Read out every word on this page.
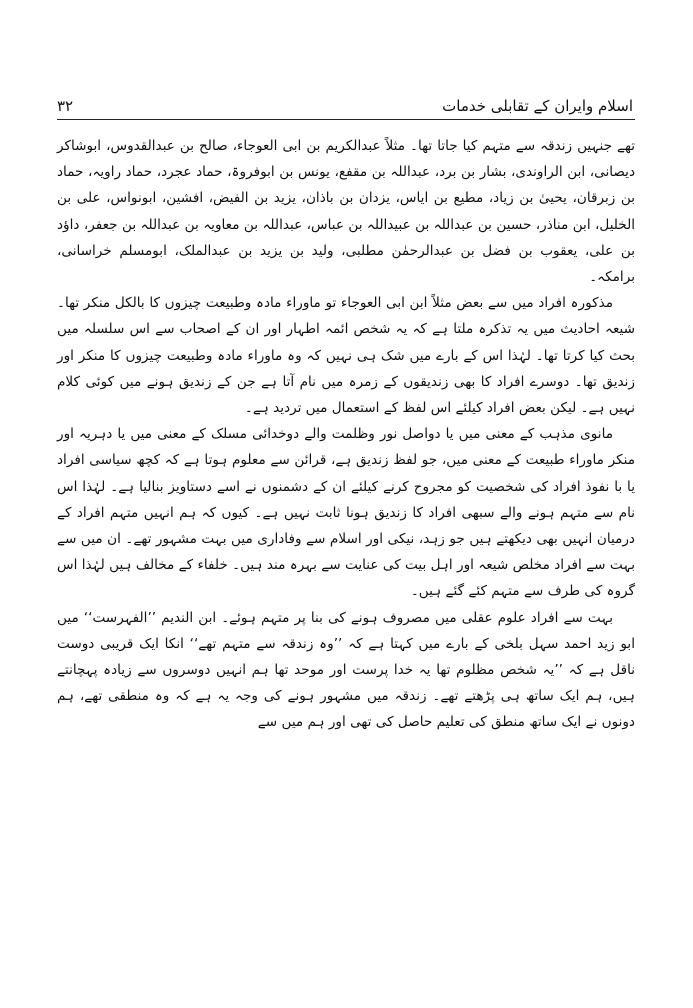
اسلام وایران کے تقابلی خدمات
۳۲

تھے جنہیں زندقہ سے متہم کیا جاتا تھا۔ مثلاً عبدالکریم بن ابی العوجاء، صالح بن عبدالقدوس، ابوشاکر دیصانی، ابن الراوندی، بشار بن برد، عبداللہ بن مقفع، یونس بن ابوفروۃ، حماد عجرد، حماد راویہ، حماد بن زبرقان، یحییٰ بن زیاد، مطیع بن ایاس، یزدان بن باذان، یزید بن الفیض، افشین، ابونواس، علی بن الخلیل، ابن مناذر، حسین بن عبداللہ بن عبیداللہ بن عباس، عبداللہ بن معاویہ بن عبداللہ بن جعفر، داؤد بن علی، یعقوب بن فضل بن عبدالرحمٰن مطلبی، ولید بن یزید بن عبدالملک، ابومسلم خراسانی، برامکہ۔

مذکورہ افراد میں سے بعض مثلاً ابن ابی العوجاء تو ماوراء مادہ وطبیعت چیزوں کا بالکل منکر تھا۔ شیعہ احادیث میں یہ تذکرہ ملتا ہے کہ یہ شخص ائمہ اطہار اور ان کے اصحاب سے اس سلسلہ میں بحث کیا کرتا تھا۔ لہٰذا اس کے بارے میں شک ہی نہیں کہ وہ ماوراء مادہ وطبیعت چیزوں کا منکر اور زندیق تھا۔ دوسرے افراد کا بھی زندیقوں کے زمرہ میں نام آتا ہے جن کے زندیق ہونے میں کوئی کلام نہیں ہے۔ لیکن بعض افراد کیلئے اس لفظ کے استعمال میں تردید ہے۔

مانوی مذہب کے معنی میں یا دواصل نور وظلمت والے دوخدائی مسلک کے معنی میں یا دہریہ اور منکر ماوراء طبیعت کے معنی میں، جو لفظ زندیق ہے، قرائن سے معلوم ہوتا ہے کہ کچھ سیاسی افراد یا با نفوذ افراد کی شخصیت کو مجروح کرنے کیلئے ان کے دشمنوں نے اسے دستاویز بنالیا ہے۔ لہٰذا اس نام سے متہم ہونے والے سبھی افراد کا زندیق ہونا ثابت نہیں ہے۔ کیوں کہ ہم انہیں متہم افراد کے درمیان انہیں بھی دیکھتے ہیں جو زہد، نیکی اور اسلام سے وفاداری میں بہت مشہور تھے۔ ان میں سے بہت سے افراد مخلص شیعہ اور اہل بیت کی عنایت سے بہرہ مند ہیں۔ خلفاء کے مخالف ہیں لہٰذا اس گروہ کی طرف سے متہم کئے گئے ہیں۔

بہت سے افراد علوم عقلی میں مصروف ہونے کی بنا پر متہم ہوئے۔ ابن الندیم ’’الفہرست‘‘ میں ابو زید احمد سہل بلخی کے بارے میں کہتا ہے کہ ’’وہ زندقہ سے متہم تھے‘‘ انکا ایک قریبی دوست ناقل ہے کہ ’’یہ شخص مظلوم تھا یہ خدا پرست اور موحد تھا ہم انہیں دوسروں سے زیادہ پہچانتے ہیں، ہم ایک ساتھ ہی پڑھتے تھے۔ زندقہ میں مشہور ہونے کی وجہ یہ ہے کہ وہ منطقی تھے، ہم دونوں نے ایک ساتھ منطق کی تعلیم حاصل کی تھی اور ہم میں سے
